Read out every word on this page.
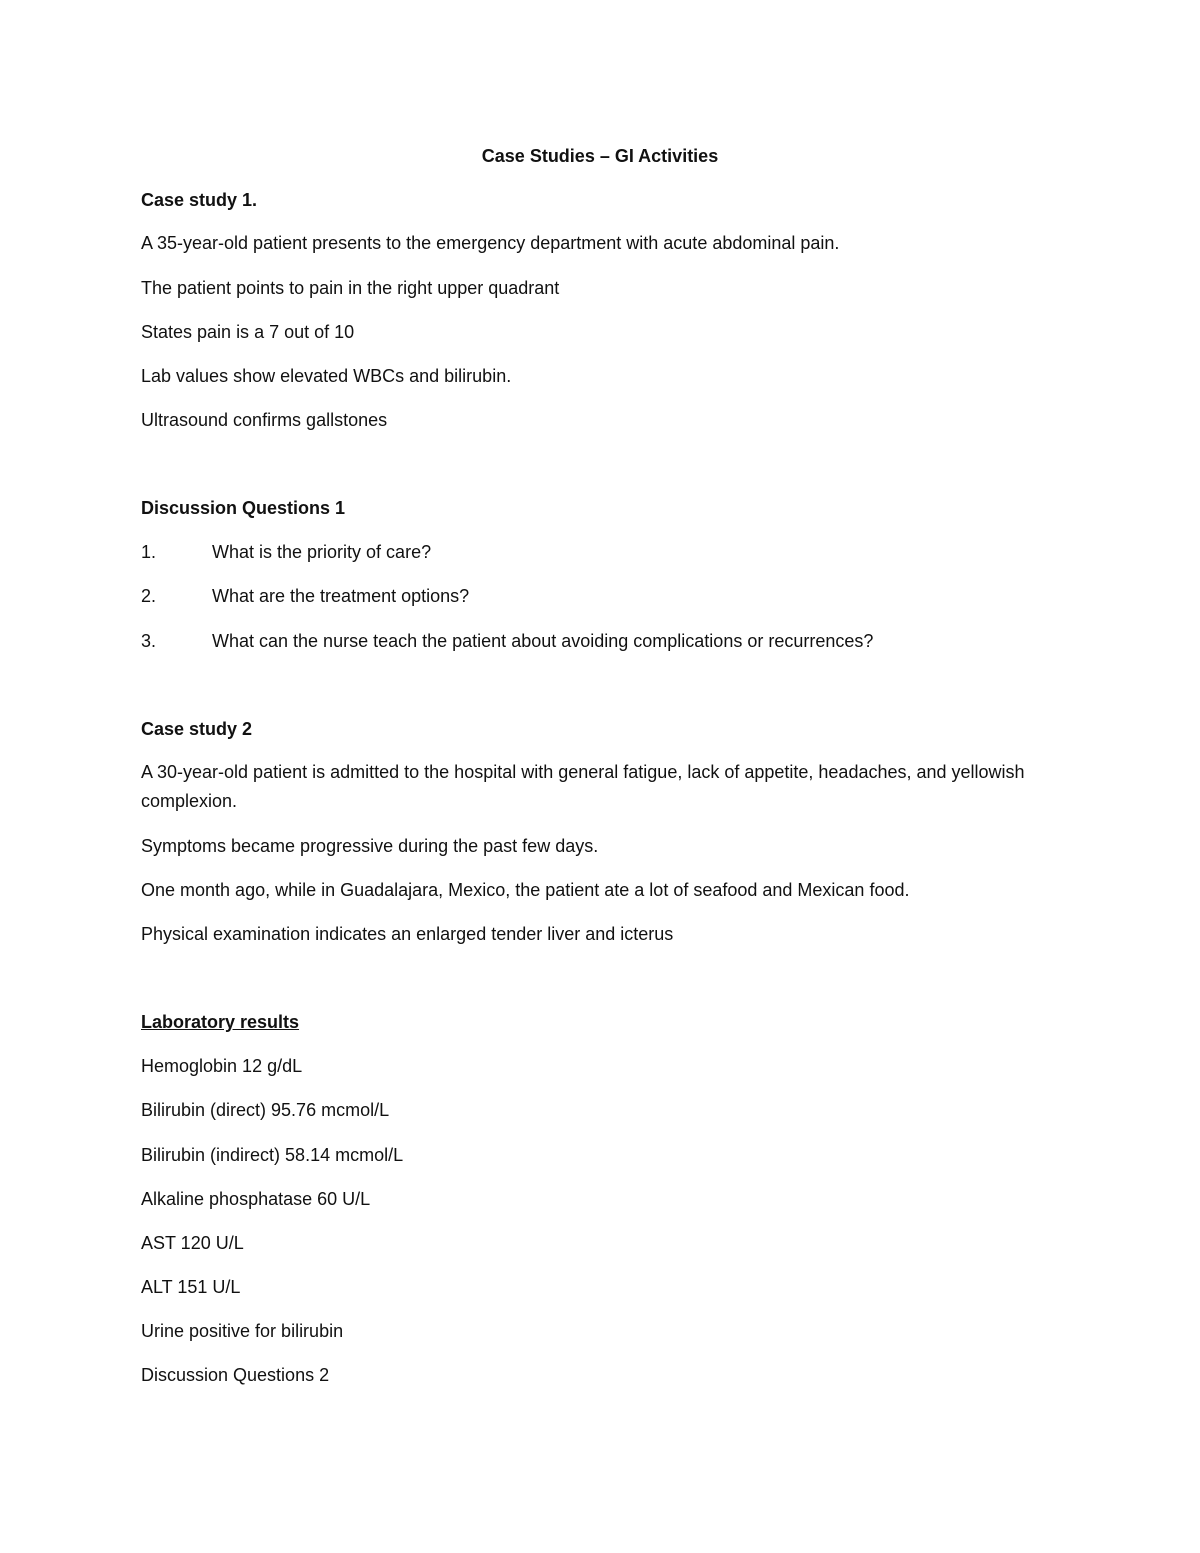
Case Studies – GI Activities
Case study 1.
A 35-year-old patient presents to the emergency department with acute abdominal pain.
The patient points to pain in the right upper quadrant
States pain is a 7 out of 10
Lab values show elevated WBCs and bilirubin.
Ultrasound confirms gallstones
Discussion Questions 1
1.	What is the priority of care?
2.	What are the treatment options?
3.	What can the nurse teach the patient about avoiding complications or recurrences?
Case study 2
A 30-year-old patient is admitted to the hospital with general fatigue, lack of appetite, headaches, and yellowish complexion.
Symptoms became progressive during the past few days.
One month ago, while in Guadalajara, Mexico, the patient ate a lot of seafood and Mexican food.
Physical examination indicates an enlarged tender liver and icterus
Laboratory results
Hemoglobin 12 g/dL
Bilirubin (direct) 95.76 mcmol/L
Bilirubin (indirect) 58.14 mcmol/L
Alkaline phosphatase 60 U/L
AST 120 U/L
ALT 151 U/L
Urine positive for bilirubin
Discussion Questions 2
